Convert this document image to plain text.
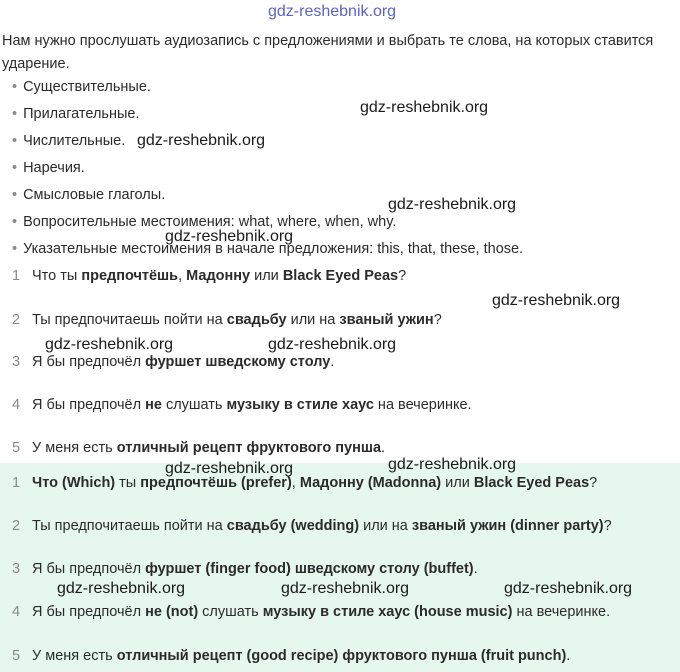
gdz-reshebnik.org
gdz-reshebnik.org
gdz-reshebnik.org
gdz-reshebnik.org
gdz-reshebnik.org
gdz-reshebnik.org
gdz-reshebnik.org	gdz-reshebnik.org
gdz-reshebnik.org
gdz-reshebnik.org
gdz-reshebnik.org	gdz-reshebnik.org	gdz-reshebnik.org

Нам нужно прослушать аудиозапись с предложениями и выбрать те слова, на которых ставится ударение.

• Существительные.
• Прилагательные.
• Числительные.
• Наречия.
• Смысловые глаголы.
• Вопросительные местоимения: what, where, when, why.
• Указательные местоимения в начале предложения: this, that, these, those.
1 Что ты предпочтёшь, Мадонну или Black Eyed Peas?
2 Ты предпочитаешь пойти на свадьбу или на званый ужин?
3 Я бы предпочёл фуршет шведскому столу.
4 Я бы предпочёл не слушать музыку в стиле хаус на вечеринке.
5 У меня есть отличный рецепт фруктового пунша.
1 Что (Which) ты предпочтёшь (prefer), Мадонну (Madonna) или Black Eyed Peas?
2 Ты предпочитаешь пойти на свадьбу (wedding) или на званый ужин (dinner party)?
3 Я бы предпочёл фуршет (finger food) шведскому столу (buffet).
4 Я бы предпочёл не (not) слушать музыку в стиле хаус (house music) на вечеринке.
5 У меня есть отличный рецепт (good recipe) фруктового пунша (fruit punch).
